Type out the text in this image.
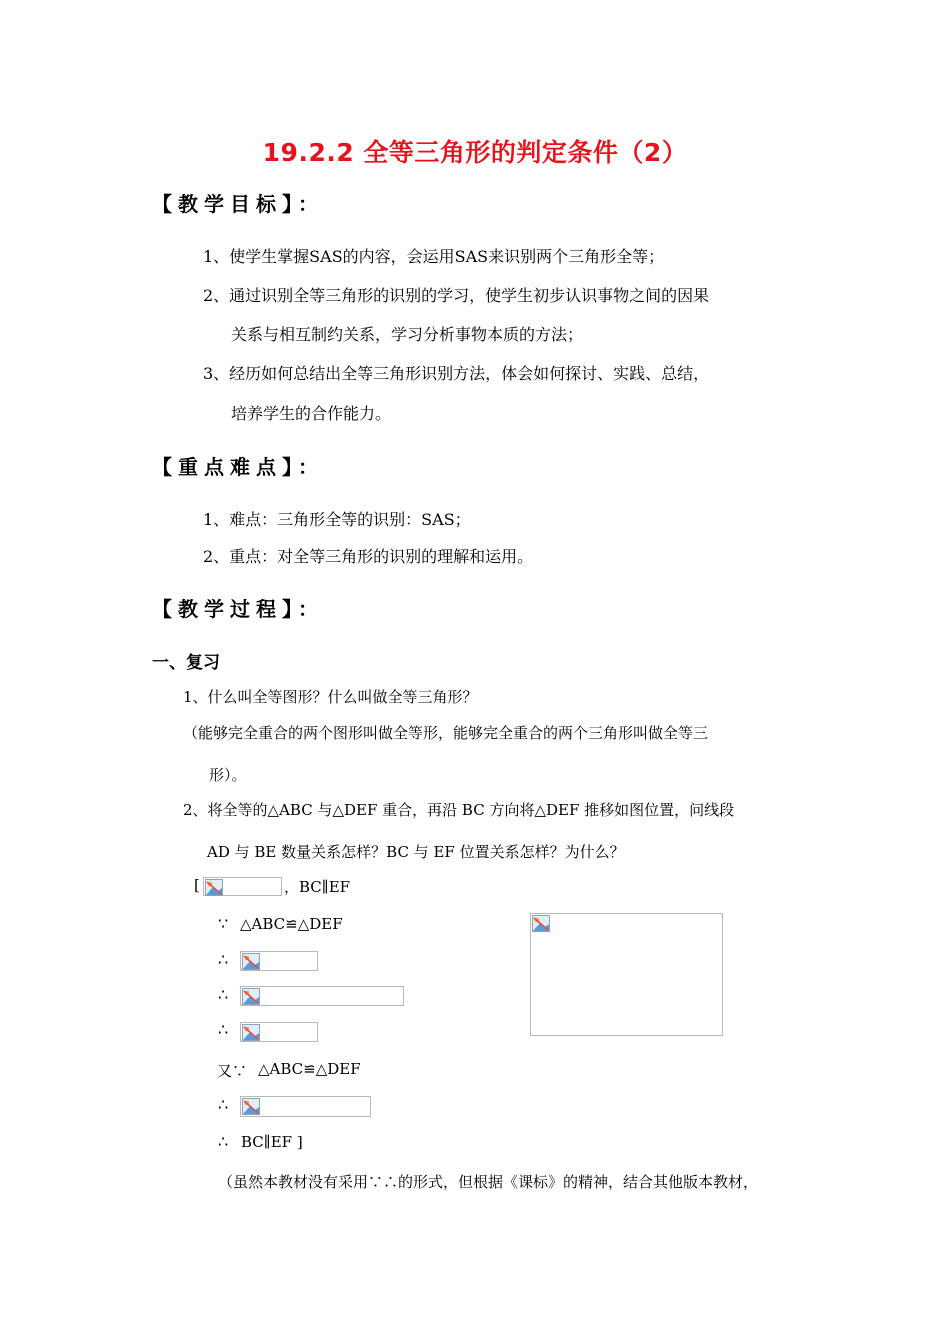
19.2.2 全等三角形的判定条件（2）
【教学目标】：
1、使学生掌握SAS的内容，会运用SAS来识别两个三角形全等；
2、通过识别全等三角形的识别的学习，使学生初步认识事物之间的因果
关系与相互制约关系，学习分析事物本质的方法；
3、经历如何总结出全等三角形识别方法，体会如何探讨、实践、总结，
培养学生的合作能力。
【重点难点】：
1、难点：三角形全等的识别：SAS；
2、重点：对全等三角形的识别的理解和运用。
【教学过程】：
一、复习
1、什么叫全等图形？什么叫做全等三角形？
（能够完全重合的两个图形叫做全等形，能够完全重合的两个三角形叫做全等三
形）。
2、将全等的△ABC 与△DEF 重合，再沿 BC 方向将△DEF 推移如图位置，问线段
AD 与 BE 数量关系怎样？BC 与 EF 位置关系怎样？为什么？
[	，BC∥EF
∵ △ABC≌△DEF
∴
∴
∴
又∵ △ABC≌△DEF
∴
∴ BC∥EF ]
（虽然本教材没有采用∵∴的形式，但根据《课标》的精神，结合其他版本教材，
